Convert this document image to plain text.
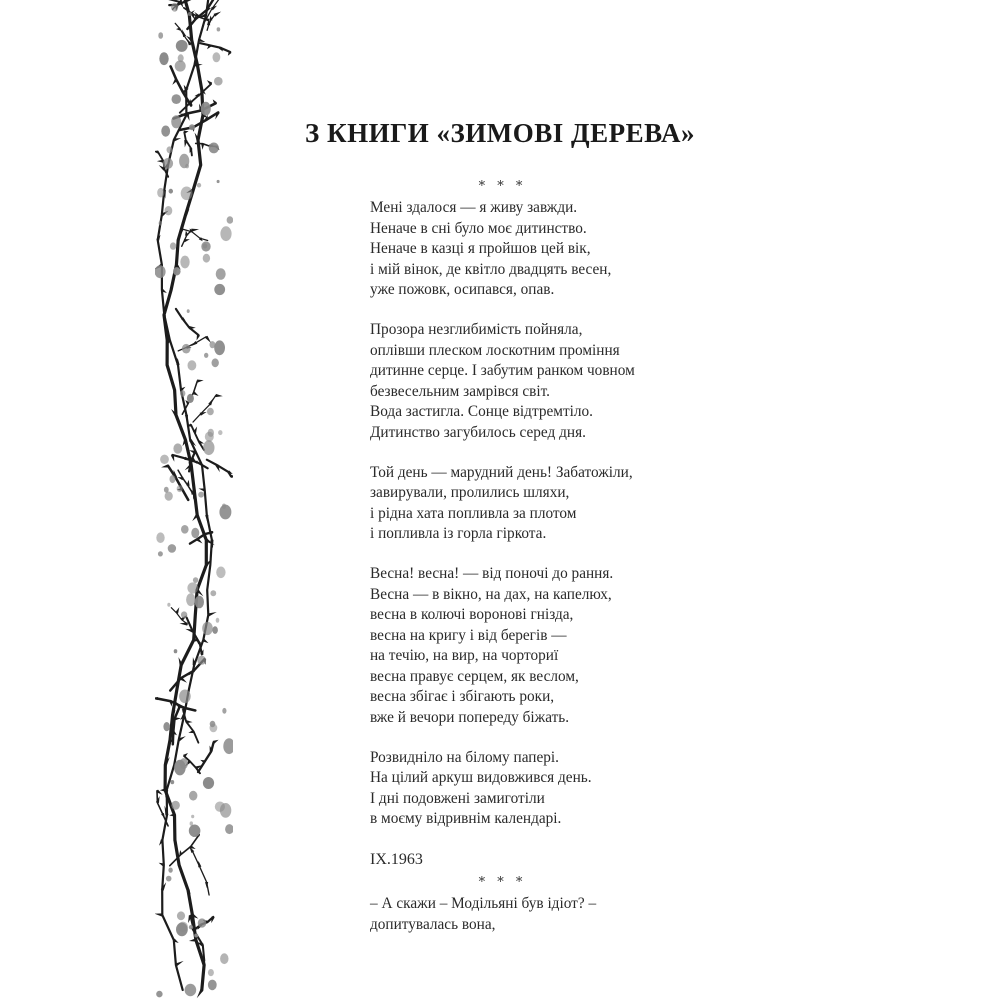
З КНИГИ «ЗИМОВІ ДЕРЕВА»
* * *
Мені здалося — я живу завжди.
Неначе в сні було моє дитинство.
Неначе в казці я пройшов цей вік,
і мій вінок, де квітло двадцять весен,
уже пожовк, осипався, опав.
Прозора незглибимість пойняла,
оплівши плеском лоскотним проміння
дитинне серце. І забутим ранком човном
безвесельним замрівся світ.
Вода застигла. Сонце відтремтіло.
Дитинство загубилось серед дня.
Той день — марудний день! Забатожіли,
завирували, пролились шляхи,
і рідна хата попливла за плотом
і попливла із горла гіркота.
Весна! весна! — від поночі до рання.
Весна — в вікно, на дах, на капелюх,
весна в колючі воронові гнізда,
весна на кригу і від берегів —
на течію, на вир, на чорториї
весна правує серцем, як веслом,
весна збігає і збігають роки,
вже й вечори попереду біжать.
Розвидніло на білому папері.
На цілий аркуш видовжився день.
І дні подовжені замиготіли
в моєму відривнім календарі.
IX.1963
* * *
– А скажи – Модільяні був ідіот? –
допитувалась вона,
